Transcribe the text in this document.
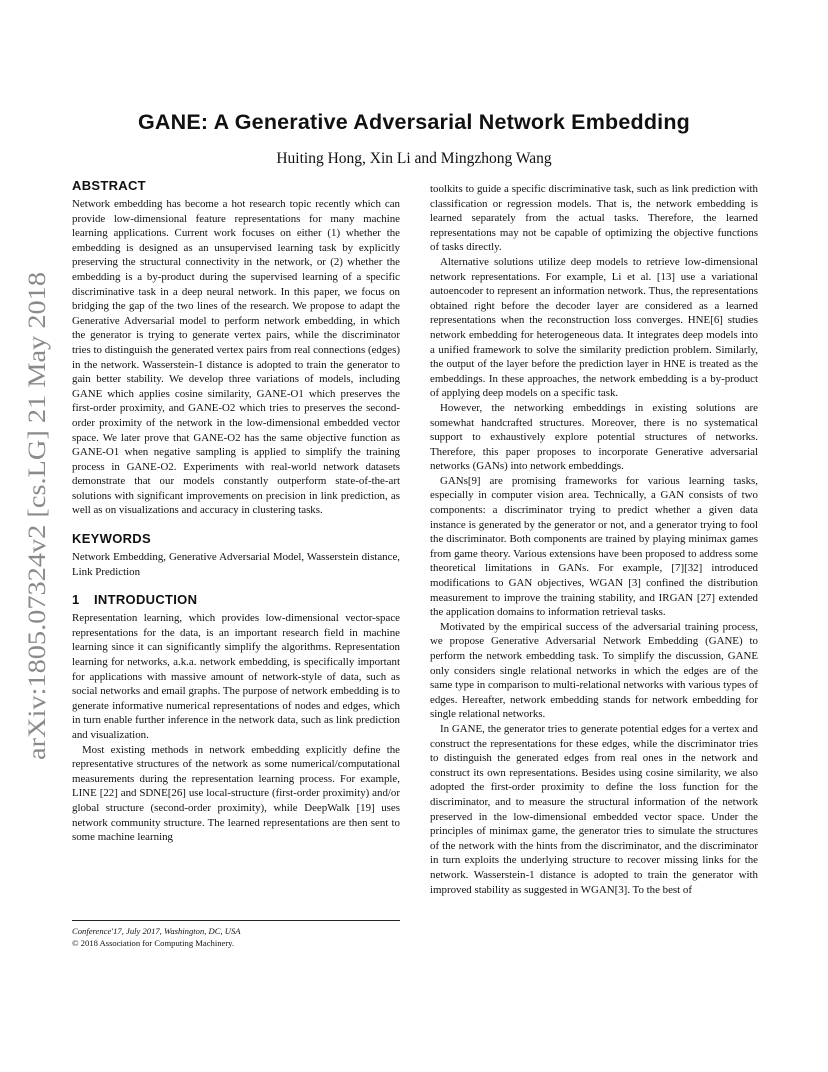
arXiv:1805.07324v2 [cs.LG] 21 May 2018
GANE: A Generative Adversarial Network Embedding

Huiting Hong, Xin Li and Mingzhong Wang

ABSTRACT

Network embedding has become a hot research topic recently which can provide low-dimensional feature representations for many machine learning applications. Current work focuses on either (1) whether the embedding is designed as an unsupervised learning task by explicitly preserving the structural connectivity in the network, or (2) whether the embedding is a by-product during the supervised learning of a specific discriminative task in a deep neural network. In this paper, we focus on bridging the gap of the two lines of the research. We propose to adapt the Generative Adversarial model to perform network embedding, in which the generator is trying to generate vertex pairs, while the discriminator tries to distinguish the generated vertex pairs from real connections (edges) in the network. Wasserstein-1 distance is adopted to train the generator to gain better stability. We develop three variations of models, including GANE which applies cosine similarity, GANE-O1 which preserves the first-order proximity, and GANE-O2 which tries to preserves the second-order proximity of the network in the low-dimensional embedded vector space. We later prove that GANE-O2 has the same objective function as GANE-O1 when negative sampling is applied to simplify the training process in GANE-O2. Experiments with real-world network datasets demonstrate that our models constantly outperform state-of-the-art solutions with significant improvements on precision in link prediction, as well as on visualizations and accuracy in clustering tasks.

KEYWORDS

Network Embedding, Generative Adversarial Model, Wasserstein distance, Link Prediction

1 INTRODUCTION

Representation learning, which provides low-dimensional vector-space representations for the data, is an important research field in machine learning since it can significantly simplify the algorithms. Representation learning for networks, a.k.a. network embedding, is specifically important for applications with massive amount of network-style of data, such as social networks and email graphs. The purpose of network embedding is to generate informative numerical representations of nodes and edges, which in turn enable further inference in the network data, such as link prediction and visualization.

Most existing methods in network embedding explicitly define the representative structures of the network as some numerical/computational measurements during the representation learning process. For example, LINE [22] and SDNE[26] use local-structure (first-order proximity) and/or global structure (second-order proximity), while DeepWalk [19] uses network community structure. The learned representations are then sent to some machine learning

toolkits to guide a specific discriminative task, such as link prediction with classification or regression models. That is, the network embedding is learned separately from the actual tasks. Therefore, the learned representations may not be capable of optimizing the objective functions of tasks directly.

Alternative solutions utilize deep models to retrieve low-dimensional network representations. For example, Li et al. [13] use a variational autoencoder to represent an information network. Thus, the representations obtained right before the decoder layer are considered as a learned representations when the reconstruction loss converges. HNE[6] studies network embedding for heterogeneous data. It integrates deep models into a unified framework to solve the similarity prediction problem. Similarly, the output of the layer before the prediction layer in HNE is treated as the embeddings. In these approaches, the network embedding is a by-product of applying deep models on a specific task.

However, the networking embeddings in existing solutions are somewhat handcrafted structures. Moreover, there is no systematical support to exhaustively explore potential structures of networks. Therefore, this paper proposes to incorporate Generative adversarial networks (GANs) into network embeddings.

GANs[9] are promising frameworks for various learning tasks, especially in computer vision area. Technically, a GAN consists of two components: a discriminator trying to predict whether a given data instance is generated by the generator or not, and a generator trying to fool the discriminator. Both components are trained by playing minimax games from game theory. Various extensions have been proposed to address some theoretical limitations in GANs. For example, [7][32] introduced modifications to GAN objectives, WGAN [3] confined the distribution measurement to improve the training stability, and IRGAN [27] extended the application domains to information retrieval tasks.

Motivated by the empirical success of the adversarial training process, we propose Generative Adversarial Network Embedding (GANE) to perform the network embedding task. To simplify the discussion, GANE only considers single relational networks in which the edges are of the same type in comparison to multi-relational networks with various types of edges. Hereafter, network embedding stands for network embedding for single relational networks.

In GANE, the generator tries to generate potential edges for a vertex and construct the representations for these edges, while the discriminator tries to distinguish the generated edges from real ones in the network and construct its own representations. Besides using cosine similarity, we also adopted the first-order proximity to define the loss function for the discriminator, and to measure the structural information of the network preserved in the low-dimensional embedded vector space. Under the principles of minimax game, the generator tries to simulate the structures of the network with the hints from the discriminator, and the discriminator in turn exploits the underlying structure to recover missing links for the network. Wasserstein-1 distance is adopted to train the generator with improved stability as suggested in WGAN[3]. To the best of

Conference'17, July 2017, Washington, DC, USA

© 2018 Association for Computing Machinery.
